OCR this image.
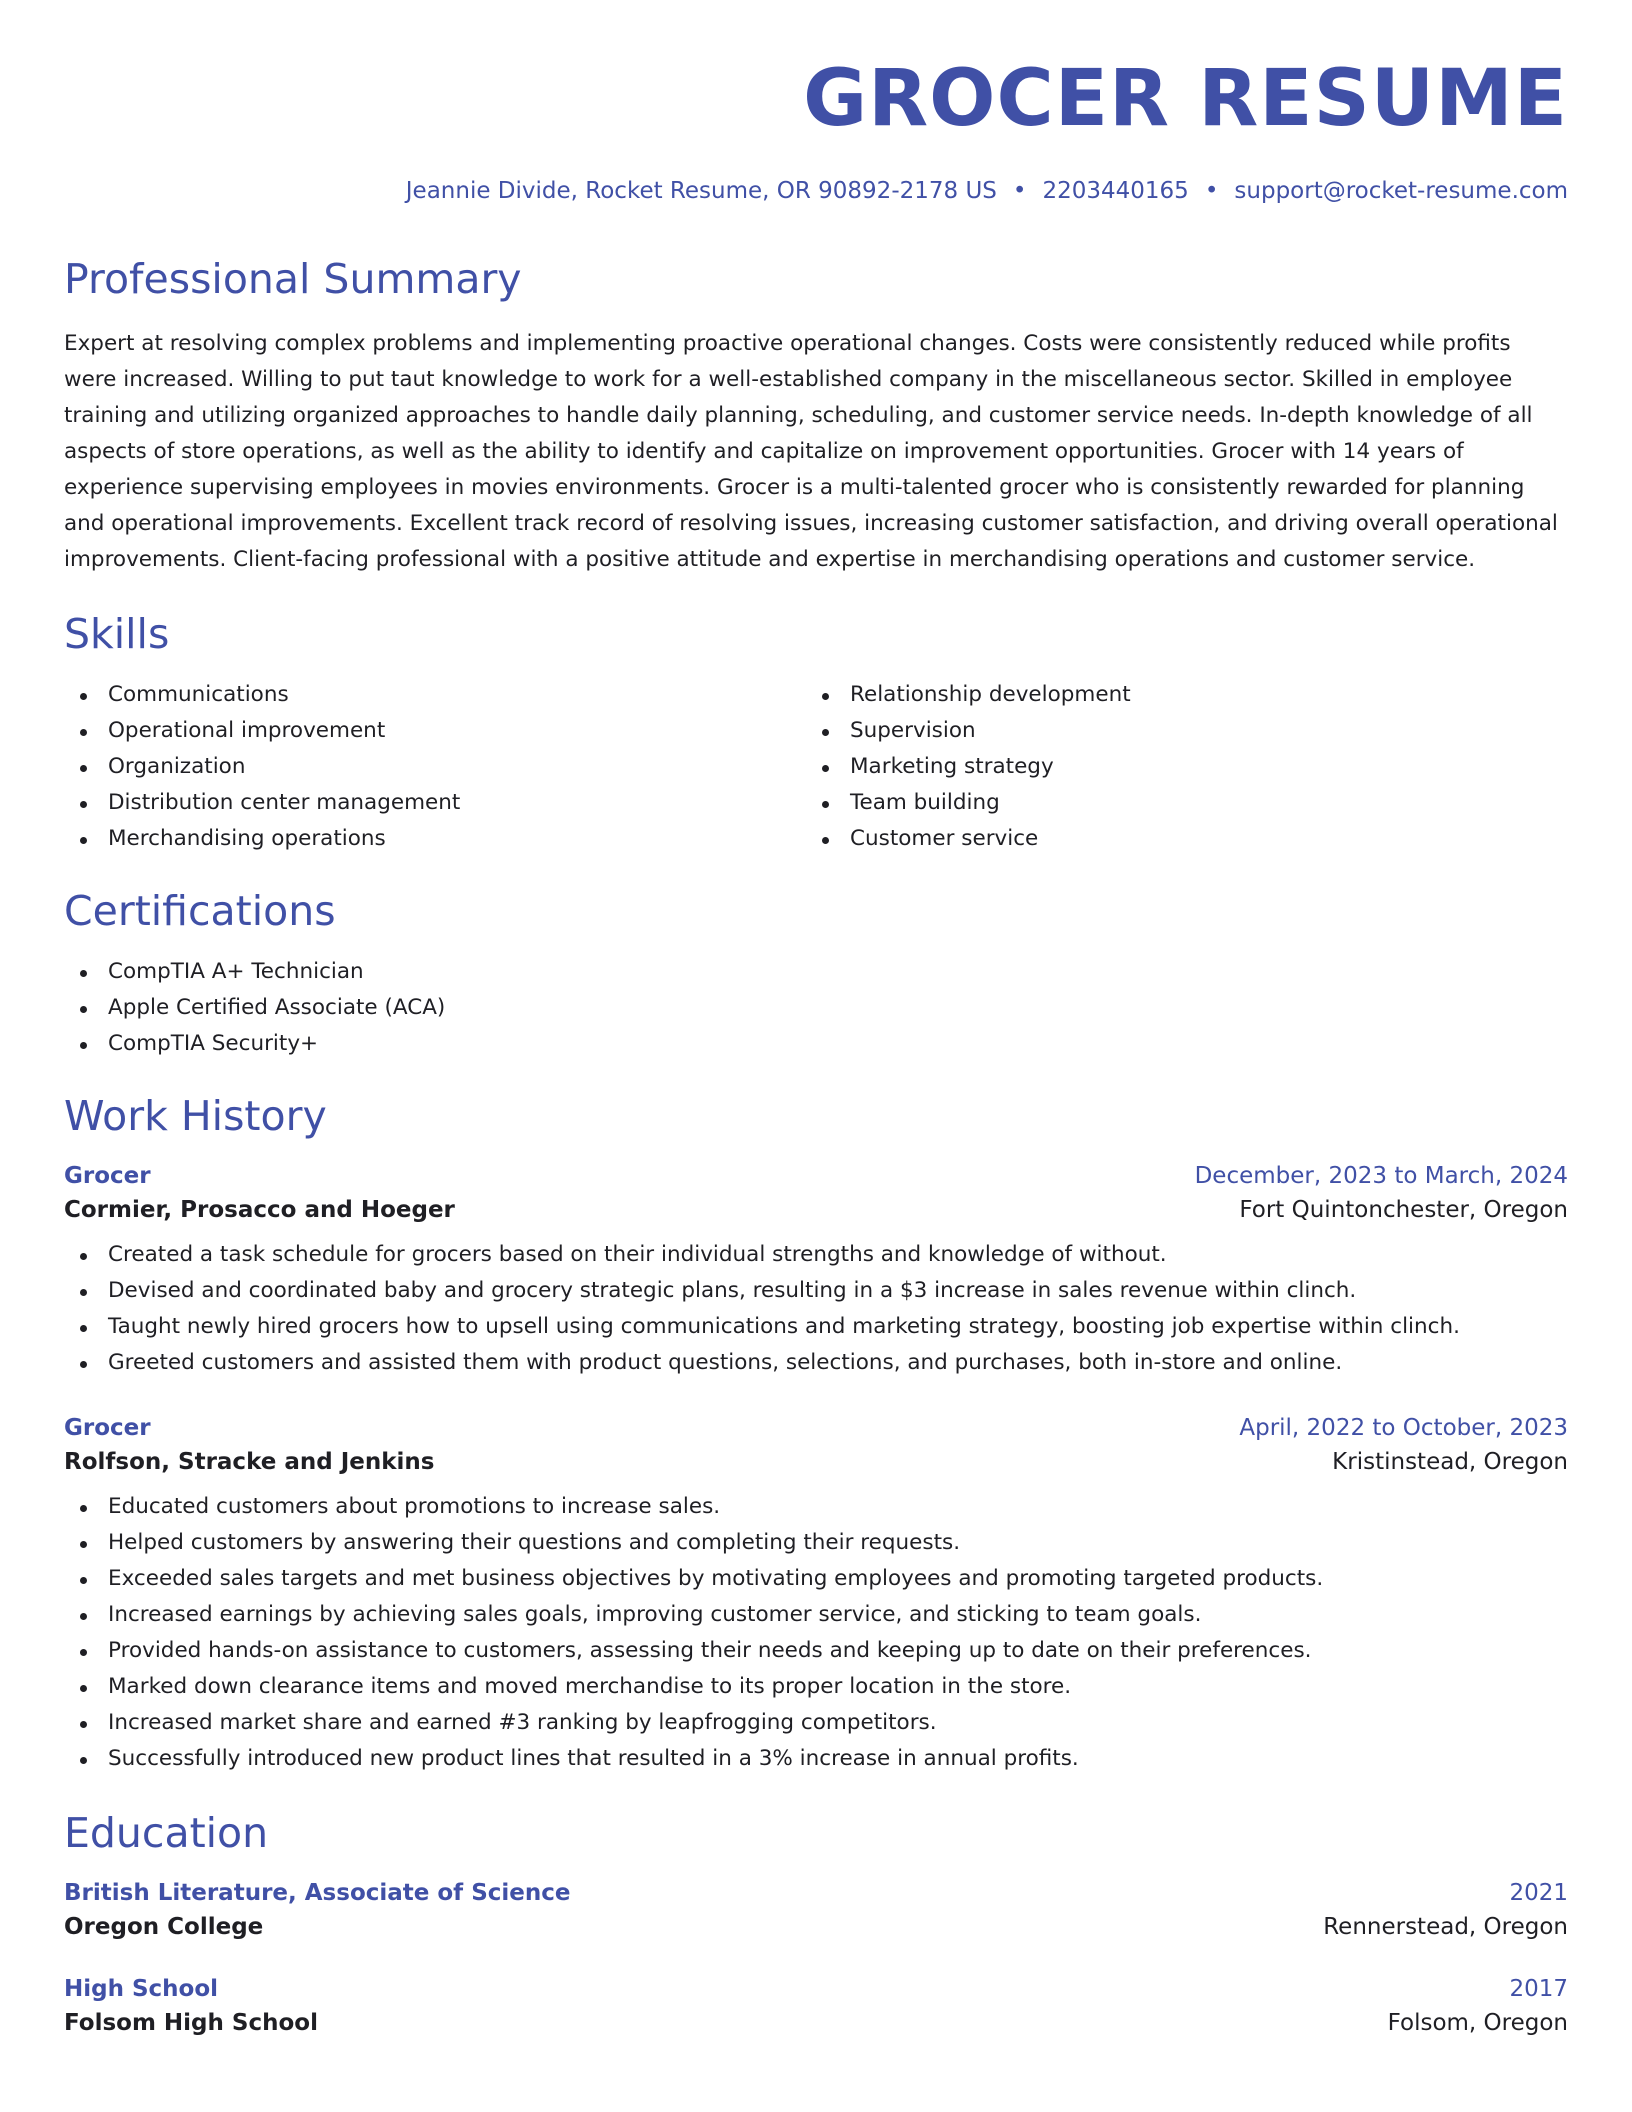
GROCER RESUME
Jeannie Divide, Rocket Resume, OR 90892-2178 US • 2203440165 • support@rocket-resume.com
Professional Summary
Expert at resolving complex problems and implementing proactive operational changes. Costs were consistently reduced while profits were increased. Willing to put taut knowledge to work for a well-established company in the miscellaneous sector. Skilled in employee training and utilizing organized approaches to handle daily planning, scheduling, and customer service needs. In-depth knowledge of all aspects of store operations, as well as the ability to identify and capitalize on improvement opportunities. Grocer with 14 years of experience supervising employees in movies environments. Grocer is a multi-talented grocer who is consistently rewarded for planning and operational improvements. Excellent track record of resolving issues, increasing customer satisfaction, and driving overall operational improvements. Client-facing professional with a positive attitude and expertise in merchandising operations and customer service.
Skills
Communications
Operational improvement
Organization
Distribution center management
Merchandising operations
Relationship development
Supervision
Marketing strategy
Team building
Customer service
Certifications
CompTIA A+ Technician
Apple Certified Associate (ACA)
CompTIA Security+
Work History
Grocer	December, 2023 to March, 2024
Cormier, Prosacco and Hoeger	Fort Quintonchester, Oregon
Created a task schedule for grocers based on their individual strengths and knowledge of without.
Devised and coordinated baby and grocery strategic plans, resulting in a $3 increase in sales revenue within clinch.
Taught newly hired grocers how to upsell using communications and marketing strategy, boosting job expertise within clinch.
Greeted customers and assisted them with product questions, selections, and purchases, both in-store and online.
Grocer	April, 2022 to October, 2023
Rolfson, Stracke and Jenkins	Kristinstead, Oregon
Educated customers about promotions to increase sales.
Helped customers by answering their questions and completing their requests.
Exceeded sales targets and met business objectives by motivating employees and promoting targeted products.
Increased earnings by achieving sales goals, improving customer service, and sticking to team goals.
Provided hands-on assistance to customers, assessing their needs and keeping up to date on their preferences.
Marked down clearance items and moved merchandise to its proper location in the store.
Increased market share and earned #3 ranking by leapfrogging competitors.
Successfully introduced new product lines that resulted in a 3% increase in annual profits.
Education
British Literature, Associate of Science	2021
Oregon College	Rennerstead, Oregon
High School	2017
Folsom High School	Folsom, Oregon
